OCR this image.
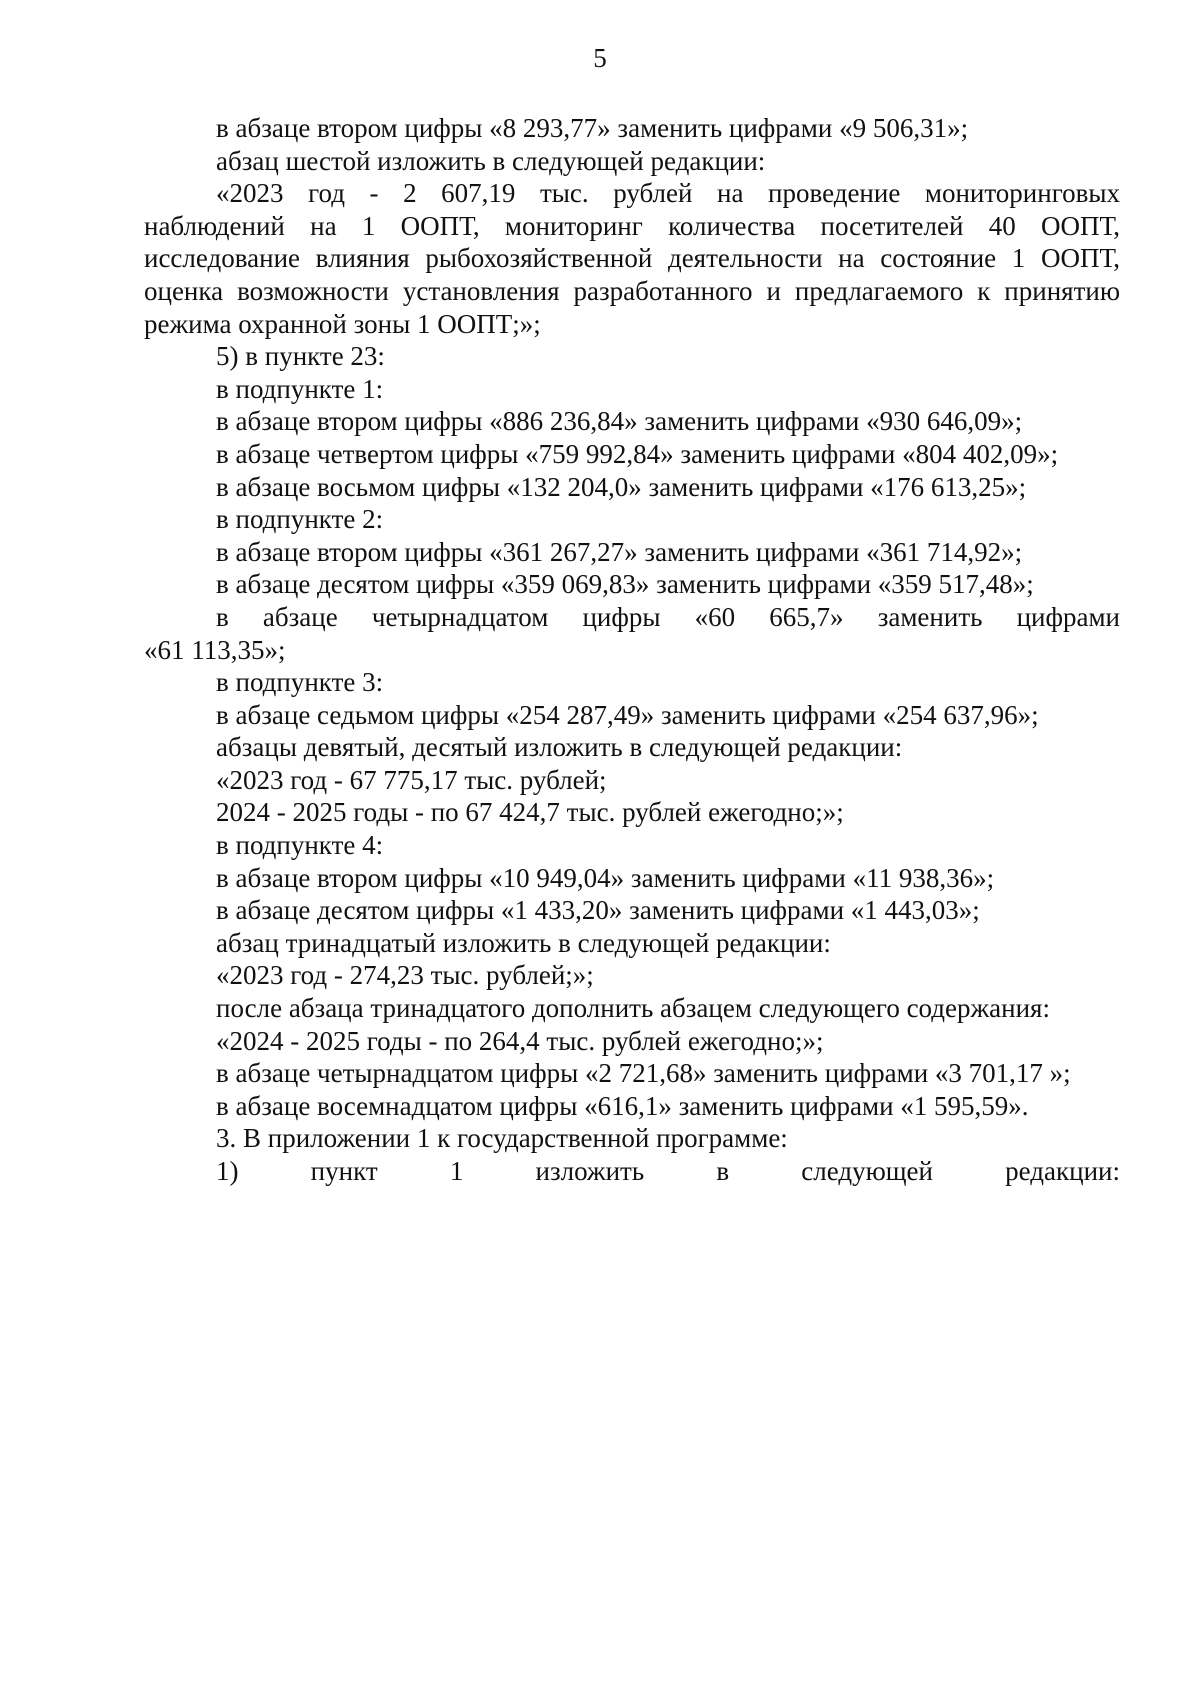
5
в абзаце втором цифры «8 293,77» заменить цифрами «9 506,31»;
абзац шестой изложить в следующей редакции:
«2023 год - 2 607,19 тыс. рублей на проведение мониторинговых
наблюдений на 1 ООПТ, мониторинг количества посетителей 40 ООПТ,
исследование влияния рыбохозяйственной деятельности на состояние 1 ООПТ,
оценка возможности установления разработанного и предлагаемого к принятию
режима охранной зоны 1 ООПТ;»;
5) в пункте 23:
в подпункте 1:
в абзаце втором цифры «886 236,84» заменить цифрами «930 646,09»;
в абзаце четвертом цифры «759 992,84» заменить цифрами «804 402,09»;
в абзаце восьмом цифры «132 204,0» заменить цифрами «176 613,25»;
в подпункте 2:
в абзаце втором цифры «361 267,27» заменить цифрами «361 714,92»;
в абзаце десятом цифры «359 069,83» заменить цифрами «359 517,48»;
в абзаце четырнадцатом цифры «60 665,7» заменить цифрами
«61 113,35»;
в подпункте 3:
в абзаце седьмом цифры «254 287,49» заменить цифрами «254 637,96»;
абзацы девятый, десятый изложить в следующей редакции:
«2023 год - 67 775,17 тыс. рублей;
2024 - 2025 годы - по 67 424,7 тыс. рублей ежегодно;»;
в подпункте 4:
в абзаце втором цифры «10 949,04» заменить цифрами «11 938,36»;
в абзаце десятом цифры «1 433,20» заменить цифрами «1 443,03»;
абзац тринадцатый изложить в следующей редакции:
«2023 год - 274,23 тыс. рублей;»;
после абзаца тринадцатого дополнить абзацем следующего содержания:
«2024 - 2025 годы - по 264,4 тыс. рублей ежегодно;»;
в абзаце четырнадцатом цифры «2 721,68» заменить цифрами «3 701,17 »;
в абзаце восемнадцатом цифры «616,1» заменить цифрами «1 595,59».
3. В приложении 1 к государственной программе:
1) пункт 1 изложить в следующей редакции:
